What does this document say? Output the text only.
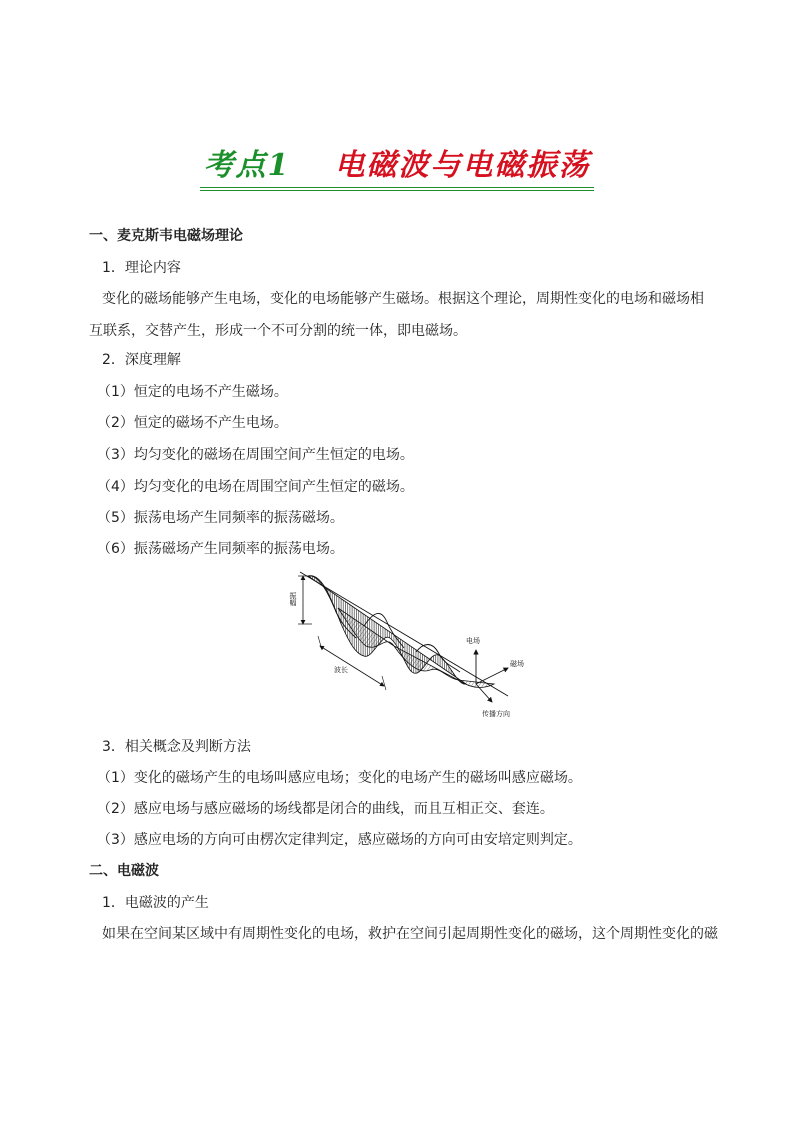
考点1 电磁波与电磁振荡
一、麦克斯韦电磁场理论
1．理论内容
变化的磁场能够产生电场，变化的电场能够产生磁场。根据这个理论，周期性变化的电场和磁场相互联系，交替产生，形成一个不可分割的统一体，即电磁场。
2．深度理解
（1）恒定的电场不产生磁场。
（2）恒定的磁场不产生电场。
（3）均匀变化的磁场在周围空间产生恒定的电场。
（4）均匀变化的电场在周围空间产生恒定的磁场。
（5）振荡电场产生同频率的振荡磁场。
（6）振荡磁场产生同频率的振荡电场。
振幅
波长
电场
磁场
传播方向
3．相关概念及判断方法
（1）变化的磁场产生的电场叫感应电场；变化的电场产生的磁场叫感应磁场。
（2）感应电场与感应磁场的场线都是闭合的曲线，而且互相正交、套连。
（3）感应电场的方向可由楞次定律判定，感应磁场的方向可由安培定则判定。
二、电磁波
1．电磁波的产生
如果在空间某区域中有周期性变化的电场，救护在空间引起周期性变化的磁场，这个周期性变化的磁
